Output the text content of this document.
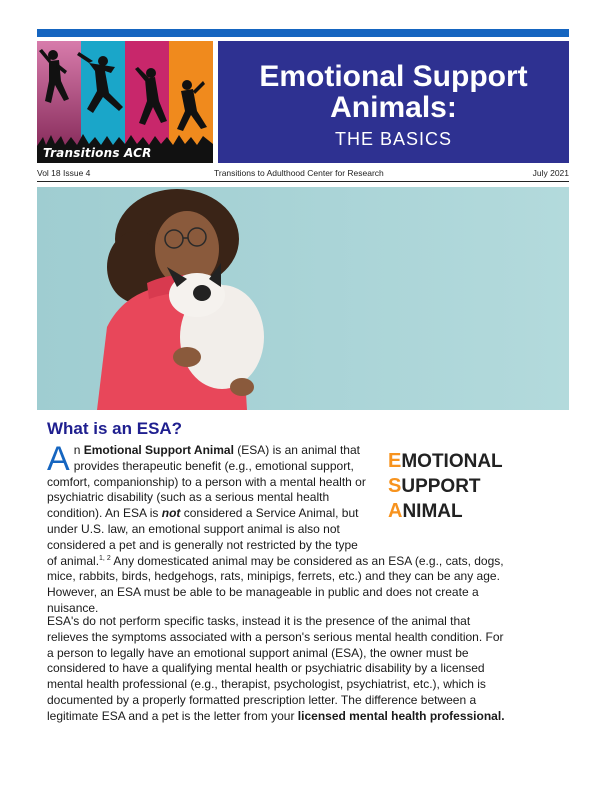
Transitions ACR
Emotional Support
Animals:
THE BASICS
Vol 18 Issue 4	Transitions to Adulthood Center for Research	July 2021
What is an ESA?
EMOTIONAL
SUPPORT
ANIMAL
A n Emotional Support Animal (ESA) is an animal that provides therapeutic benefit (e.g., emotional support, comfort, companionship) to a person with a mental health or psychiatric disability (such as a serious mental health condition). An ESA is not considered a Service Animal, but under U.S. law, an emotional support animal is also not considered a pet and is generally not restricted by the type of animal.$^{1, 2}$ Any domesticated animal may be considered as an ESA (e.g., cats, dogs, mice, rabbits, birds, hedgehogs, rats, minipigs, ferrets, etc.) and they can be any age. However, an ESA must be able to be manageable in public and does not create a nuisance.
ESA's do not perform specific tasks, instead it is the presence of the animal that relieves the symptoms associated with a person's serious mental health condition. For a person to legally have an emotional support animal (ESA), the owner must be considered to have a qualifying mental health or psychiatric disability by a licensed mental health professional (e.g., therapist, psychologist, psychiatrist, etc.), which is documented by a properly formatted prescription letter. The difference between a legitimate ESA and a pet is the letter from your licensed mental health professional.
